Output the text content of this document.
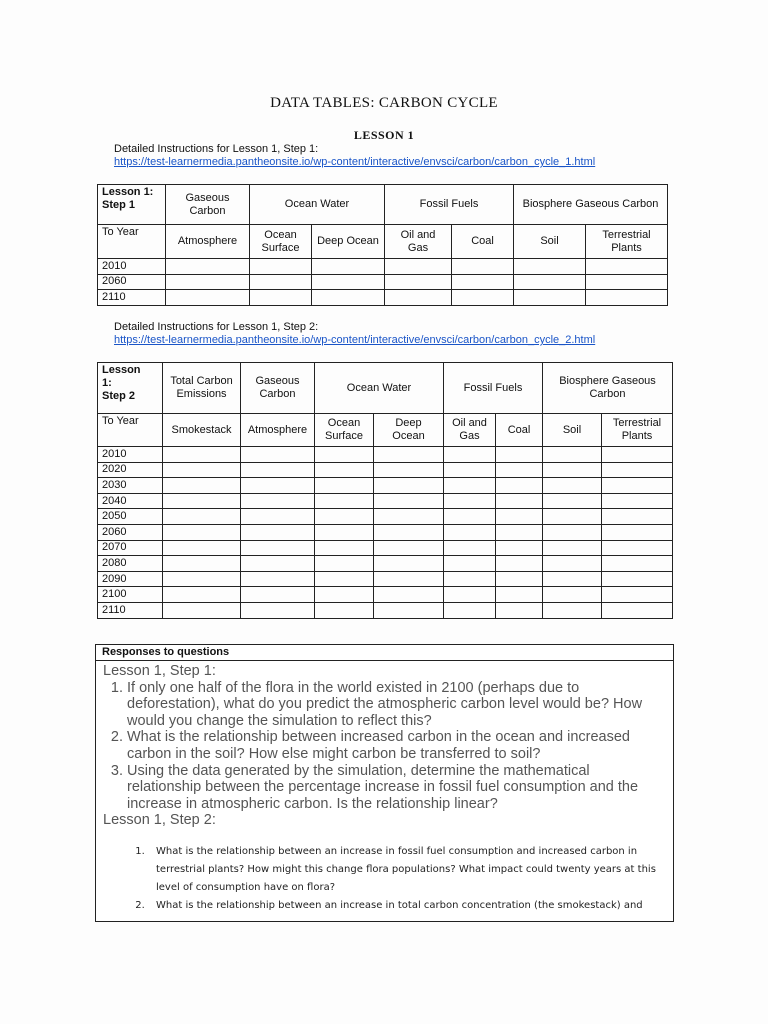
DATA TABLES: CARBON CYCLE
LESSON 1
Detailed Instructions for Lesson 1, Step 1:
https://test-learnermedia.pantheonsite.io/wp-content/interactive/envsci/carbon/carbon_cycle_1.html
Lesson 1:
Step 1	Gaseous Carbon	Ocean Water		Fossil Fuels		Biosphere Gaseous Carbon	
To Year	Atmosphere	Ocean Surface	Deep Ocean	Oil and Gas	Coal	Soil	Terrestrial Plants
2010							
2060							
2110							
Detailed Instructions for Lesson 1, Step 2:
https://test-learnermedia.pantheonsite.io/wp-content/interactive/envsci/carbon/carbon_cycle_2.html
Lesson
1:
Step 2	Total Carbon Emissions	Gaseous Carbon	Ocean Water		Fossil Fuels		Biosphere Gaseous Carbon	
To Year	Smokestack	Atmosphere	Ocean Surface	Deep Ocean	Oil and Gas	Coal	Soil	Terrestrial Plants
2010								
2020								
2030								
2040								
2050								
2060								
2070								
2080								
2090								
2100								
2110								
Responses to questions
Lesson 1, Step 1:
1. If only one half of the flora in the world existed in 2100 (perhaps due to deforestation), what do you predict the atmospheric carbon level would be? How would you change the simulation to reflect this?
2. What is the relationship between increased carbon in the ocean and increased carbon in the soil? How else might carbon be transferred to soil?
3. Using the data generated by the simulation, determine the mathematical relationship between the percentage increase in fossil fuel consumption and the increase in atmospheric carbon. Is the relationship linear?
Lesson 1, Step 2:
1. What is the relationship between an increase in fossil fuel consumption and increased carbon in terrestrial plants? How might this change flora populations? What impact could twenty years at this level of consumption have on flora?
2. What is the relationship between an increase in total carbon concentration (the smokestack) and
